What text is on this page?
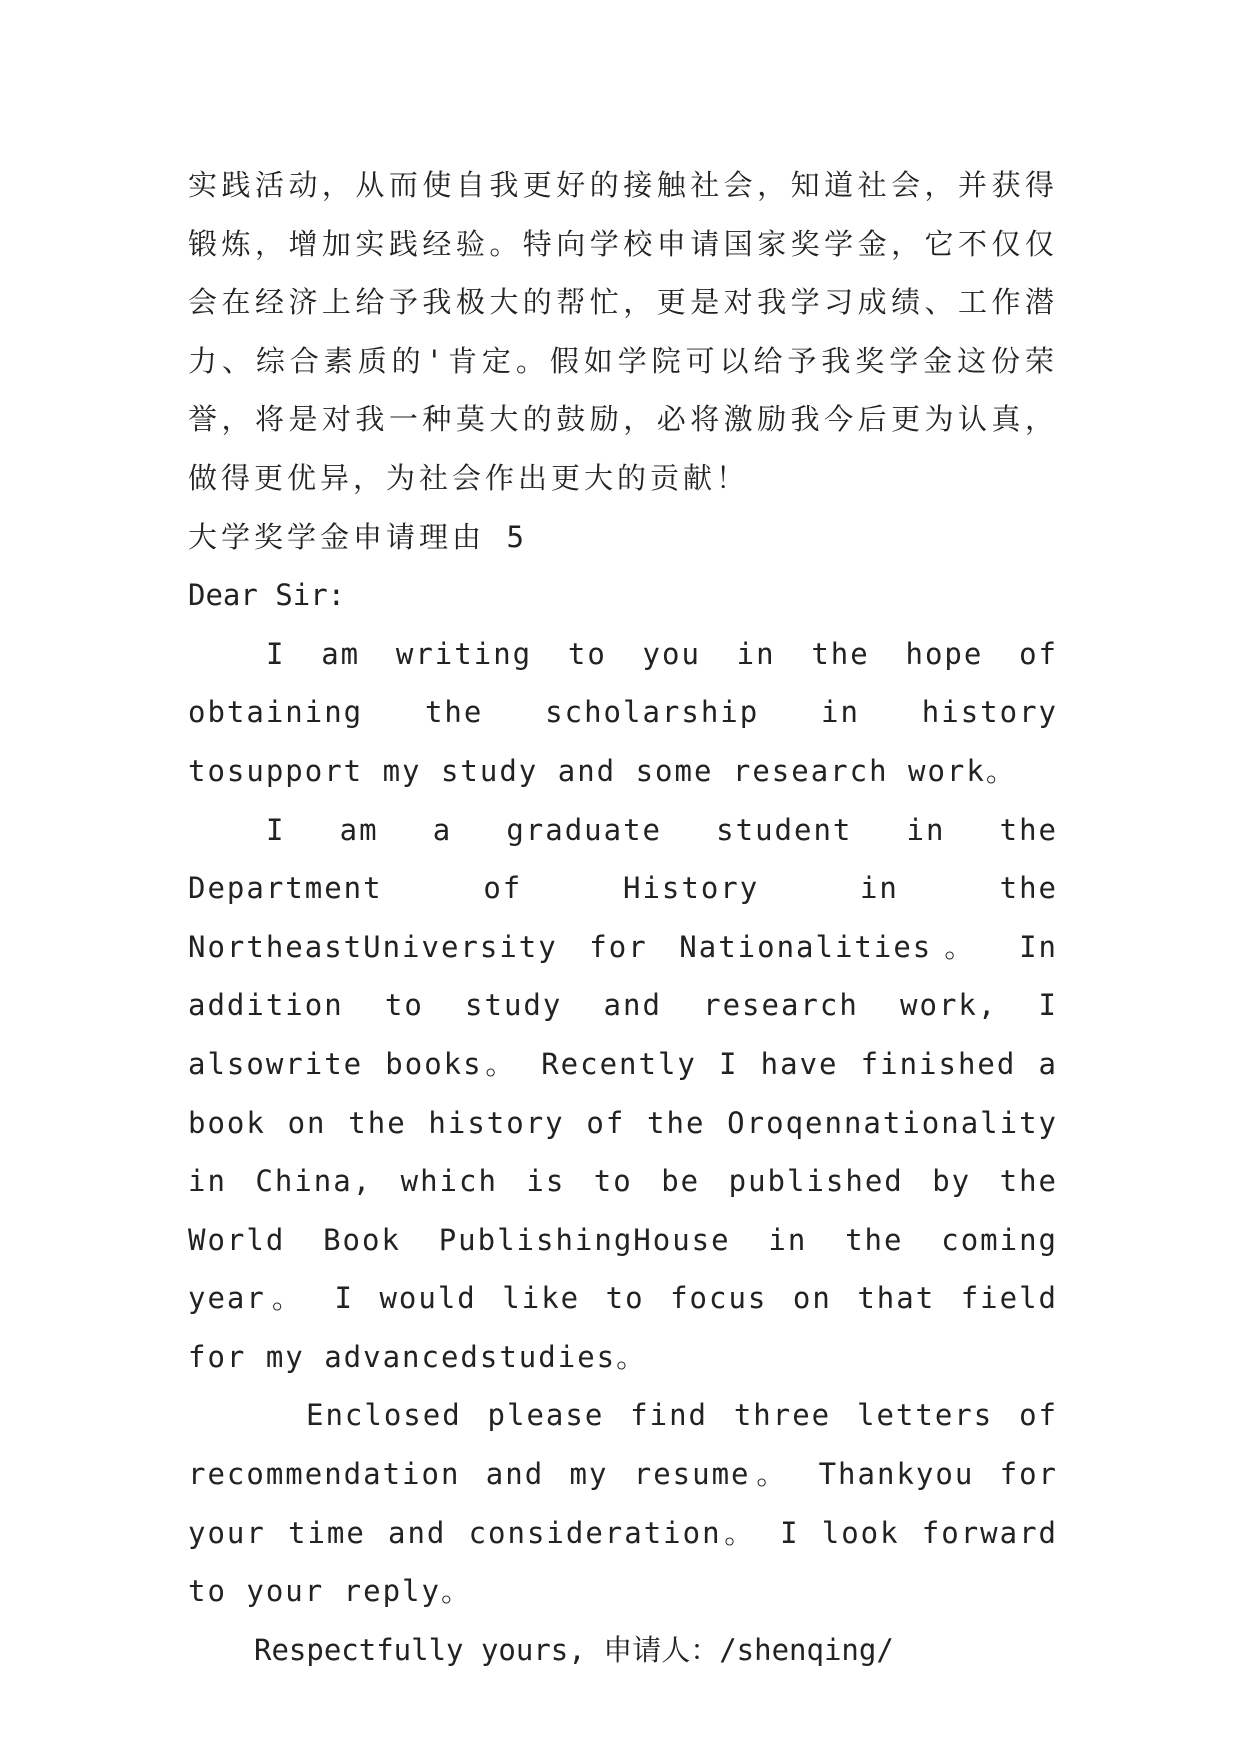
实践活动，从而使自我更好的接触社会，知道社会，并获得锻炼，增加实践经验。特向学校申请国家奖学金，它不仅仅会在经济上给予我极大的帮忙，更是对我学习成绩、工作潜力、综合素质的'肯定。假如学院可以给予我奖学金这份荣誉，将是对我一种莫大的鼓励，必将激励我今后更为认真，做得更优异，为社会作出更大的贡献！

大学奖学金申请理由 5

Dear Sir:

I am writing to you in the hope of obtaining the scholarship in history tosupport my study and some research work。

I am a graduate student in the Department of History in the NortheastUniversity for Nationalities。 In addition to study and research work, I alsowrite books。 Recently I have finished a book on the history of the Oroqennationality in China, which is to be published by the World Book PublishingHouse in the coming year。 I would like to focus on that field for my advancedstudies。

Enclosed please find three letters of recommendation and my resume。 Thankyou for your time and consideration。 I look forward to your reply。

Respectfully yours, 申请人：/shenqing/
